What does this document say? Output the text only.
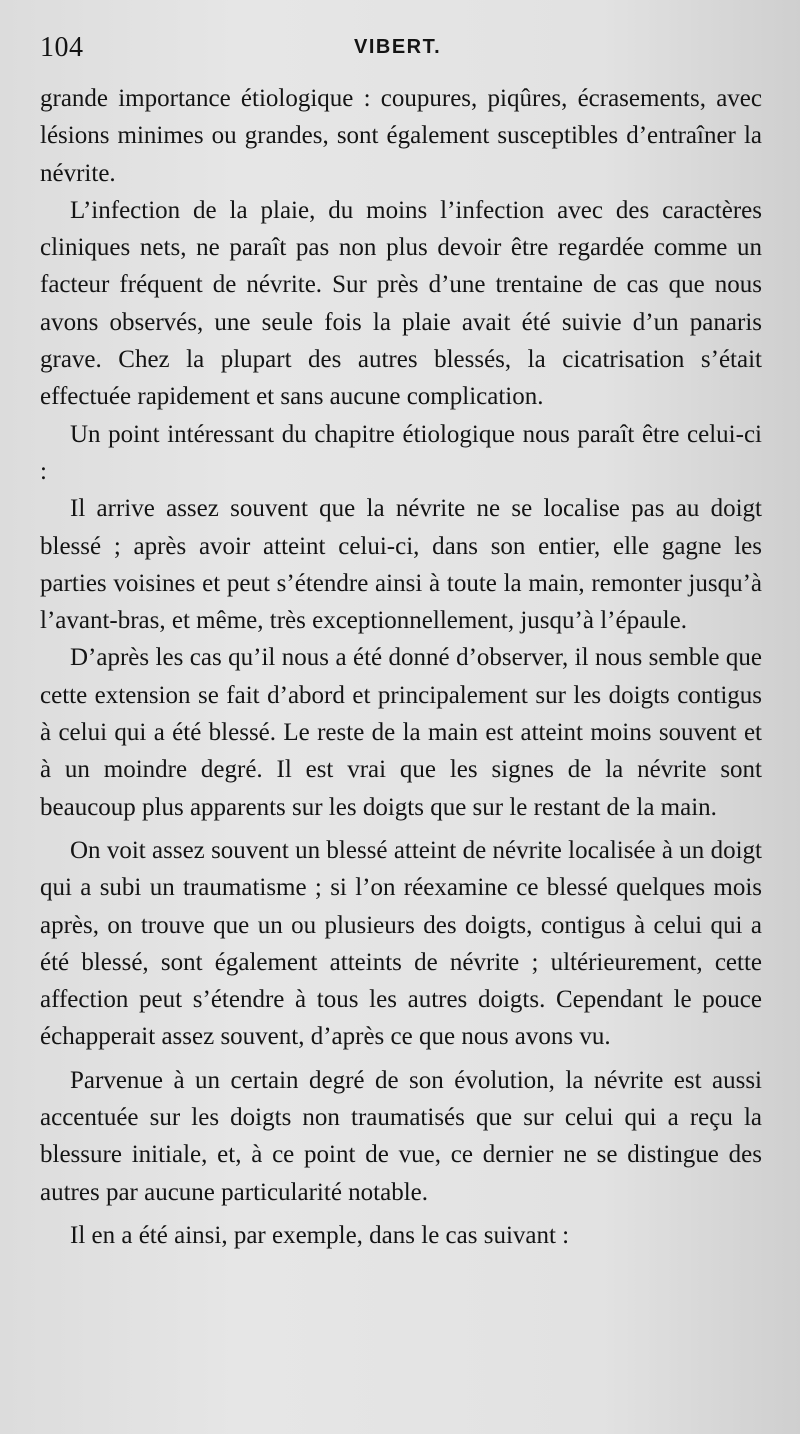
104	VIBERT.

grande importance étiologique : coupures, piqûres, écrasements, avec lésions minimes ou grandes, sont également susceptibles d’entraîner la névrite.

L’infection de la plaie, du moins l’infection avec des caractères cliniques nets, ne paraît pas non plus devoir être regardée comme un facteur fréquent de névrite. Sur près d’une trentaine de cas que nous avons observés, une seule fois la plaie avait été suivie d’un panaris grave. Chez la plupart des autres blessés, la cicatrisation s’était effectuée rapidement et sans aucune complication.

Un point intéressant du chapitre étiologique nous paraît être celui-ci :

Il arrive assez souvent que la névrite ne se localise pas au doigt blessé ; après avoir atteint celui-ci, dans son entier, elle gagne les parties voisines et peut s’étendre ainsi à toute la main, remonter jusqu’à l’avant-bras, et même, très exceptionnellement, jusqu’à l’épaule.

D’après les cas qu’il nous a été donné d’observer, il nous semble que cette extension se fait d’abord et principalement sur les doigts contigus à celui qui a été blessé. Le reste de la main est atteint moins souvent et à un moindre degré. Il est vrai que les signes de la névrite sont beaucoup plus apparents sur les doigts que sur le restant de la main.

On voit assez souvent un blessé atteint de névrite localisée à un doigt qui a subi un traumatisme ; si l’on réexamine ce blessé quelques mois après, on trouve que un ou plusieurs des doigts, contigus à celui qui a été blessé, sont également atteints de névrite ; ultérieurement, cette affection peut s’étendre à tous les autres doigts. Cependant le pouce échapperait assez souvent, d’après ce que nous avons vu.

Parvenue à un certain degré de son évolution, la névrite est aussi accentuée sur les doigts non traumatisés que sur celui qui a reçu la blessure initiale, et, à ce point de vue, ce dernier ne se distingue des autres par aucune particularité notable.

Il en a été ainsi, par exemple, dans le cas suivant :
